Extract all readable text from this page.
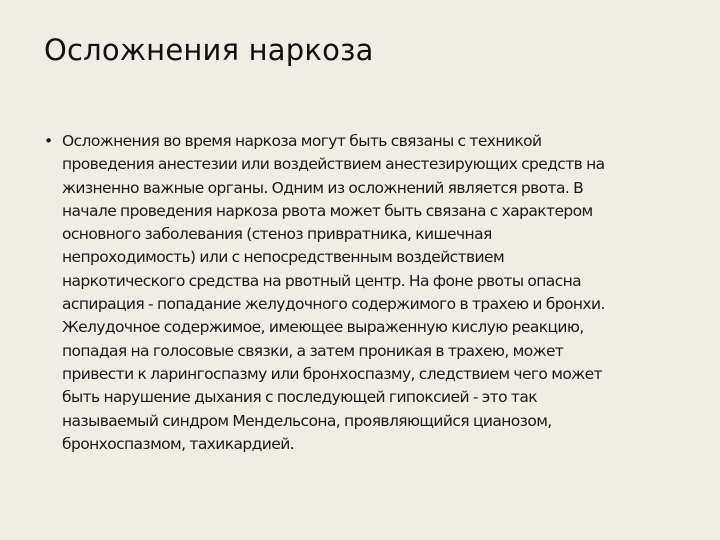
Осложнения наркоза
• Осложнения во время наркоза могут быть связаны с техникой
проведения анестезии или воздействием анестезирующих средств на
жизненно важные органы. Одним из осложнений является рвота. В
начале проведения наркоза рвота может быть связана с характером
основного заболевания (стеноз привратника, кишечная
непроходимость) или с непосредственным воздействием
наркотического средства на рвотный центр. На фоне рвоты опасна
аспирация - попадание желудочного содержимого в трахею и бронхи.
Желудочное содержимое, имеющее выраженную кислую реакцию,
попадая на голосовые связки, а затем проникая в трахею, может
привести к ларингоспазму или бронхоспазму, следствием чего может
быть нарушение дыхания с последующей гипоксией - это так
называемый синдром Мендельсона, проявляющийся цианозом,
бронхоспазмом, тахикардией.
